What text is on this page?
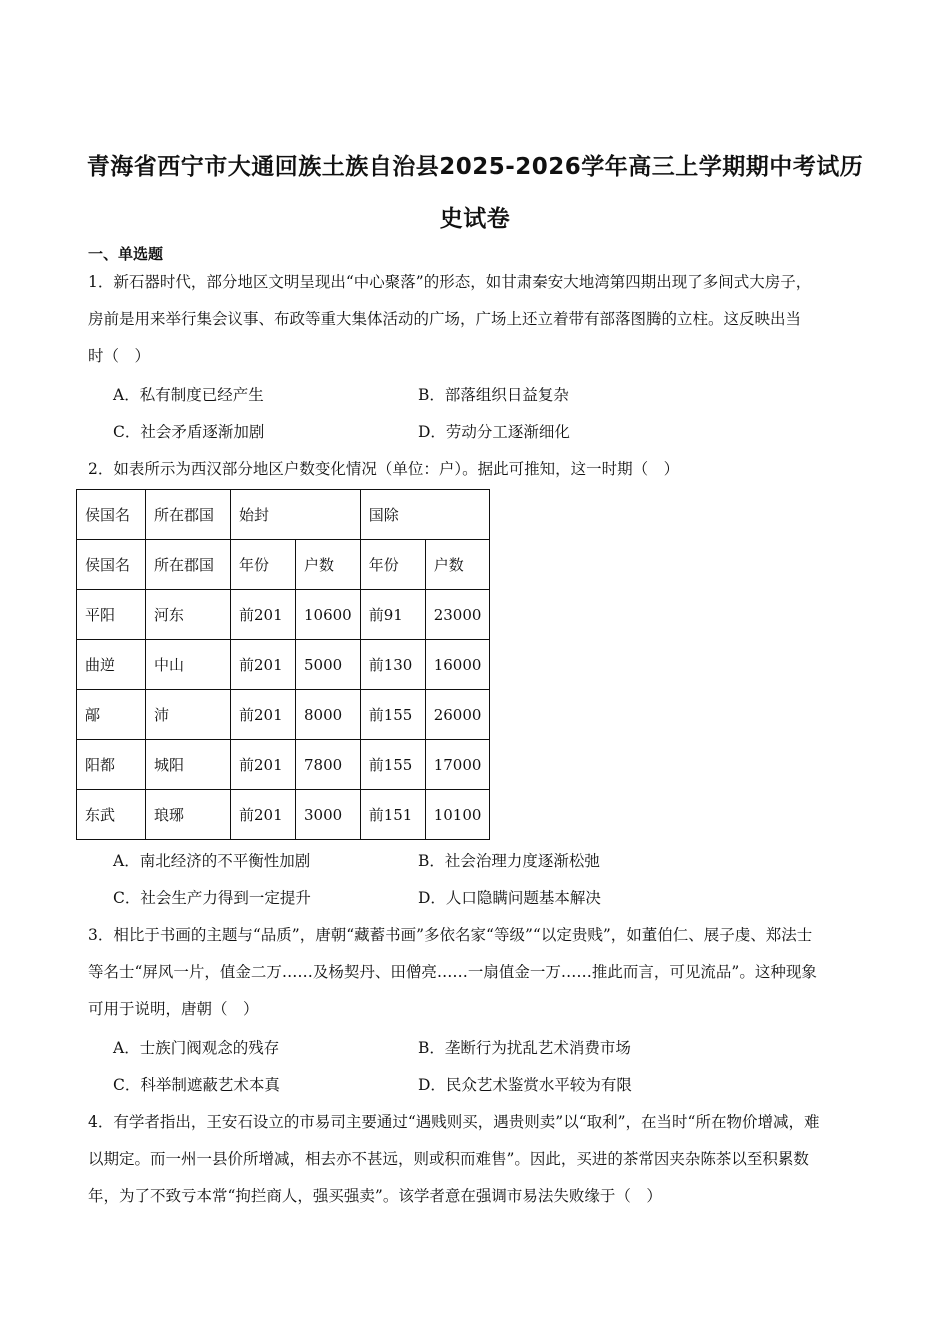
青海省西宁市大通回族土族自治县2025-2026学年高三上学期期中考试历
史试卷
一、单选题
1．新石器时代，部分地区文明呈现出“中心聚落”的形态，如甘肃秦安大地湾第四期出现了多间式大房子，
房前是用来举行集会议事、布政等重大集体活动的广场，广场上还立着带有部落图腾的立柱。这反映出当
时（　）
A．私有制度已经产生	B．部落组织日益复杂
C．社会矛盾逐渐加剧	D．劳动分工逐渐细化
2．如表所示为西汉部分地区户数变化情况（单位：户）。据此可推知，这一时期（　）
侯国名	所在郡国	始封		国除	
侯国名	所在郡国	年份	户数	年份	户数
平阳	河东	前201	10600	前91	23000
曲逆	中山	前201	5000	前130	16000
鄗	沛	前201	8000	前155	26000
阳都	城阳	前201	7800	前155	17000
东武	琅琊	前201	3000	前151	10100
A．南北经济的不平衡性加剧	B．社会治理力度逐渐松弛
C．社会生产力得到一定提升	D．人口隐瞒问题基本解决
3．相比于书画的主题与“品质”，唐朝“藏蓄书画”多依名家“等级”“以定贵贱”，如董伯仁、展子虔、郑法士
等名士“屏风一片，值金二万……及杨契丹、田僧亮……一扇值金一万……推此而言，可见流品”。这种现象
可用于说明，唐朝（　）
A．士族门阀观念的残存	B．垄断行为扰乱艺术消费市场
C．科举制遮蔽艺术本真	D．民众艺术鉴赏水平较为有限
4．有学者指出，王安石设立的市易司主要通过“遇贱则买，遇贵则卖”以“取利”，在当时“所在物价增减，难
以期定。而一州一县价所增减，相去亦不甚远，则或积而难售”。因此，买进的茶常因夹杂陈茶以至积累数
年，为了不致亏本常“拘拦商人，强买强卖”。该学者意在强调市易法失败缘于（　）
